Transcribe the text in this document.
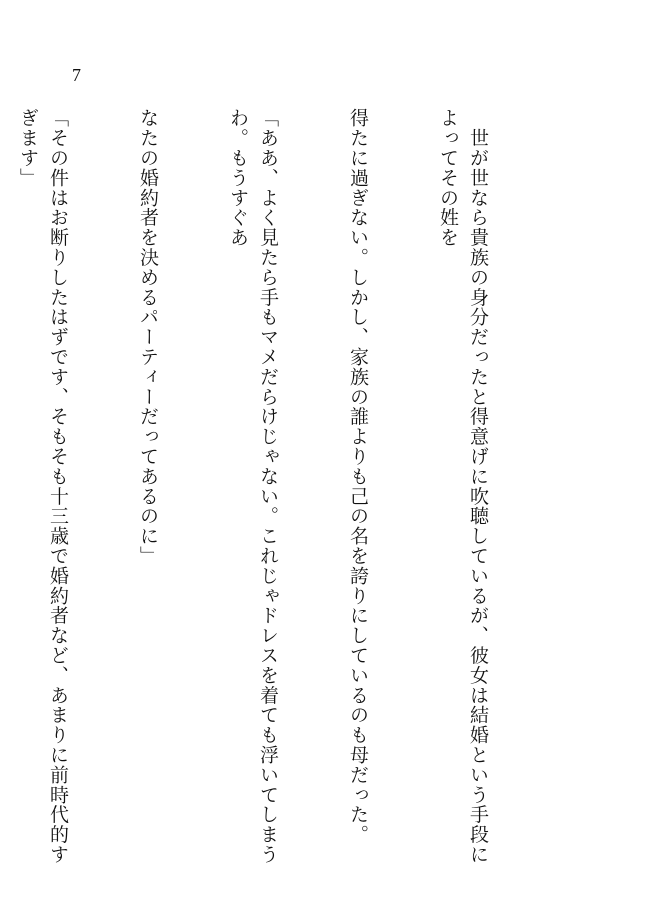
7

　世が世なら貴族の身分だったと得意げに吹聴しているが、彼女は結婚という手段によってその姓を

得たに過ぎない。しかし、家族の誰よりも己の名を誇りにしているのも母だった。

「ああ、よく見たら手もマメだらけじゃない。これじゃドレスを着ても浮いてしまうわ。もうすぐあ

なたの婚約者を決めるパーティーだってあるのに」

「その件はお断りしたはずです、そもそも十三歳で婚約者など、あまりに前時代的すぎます」
